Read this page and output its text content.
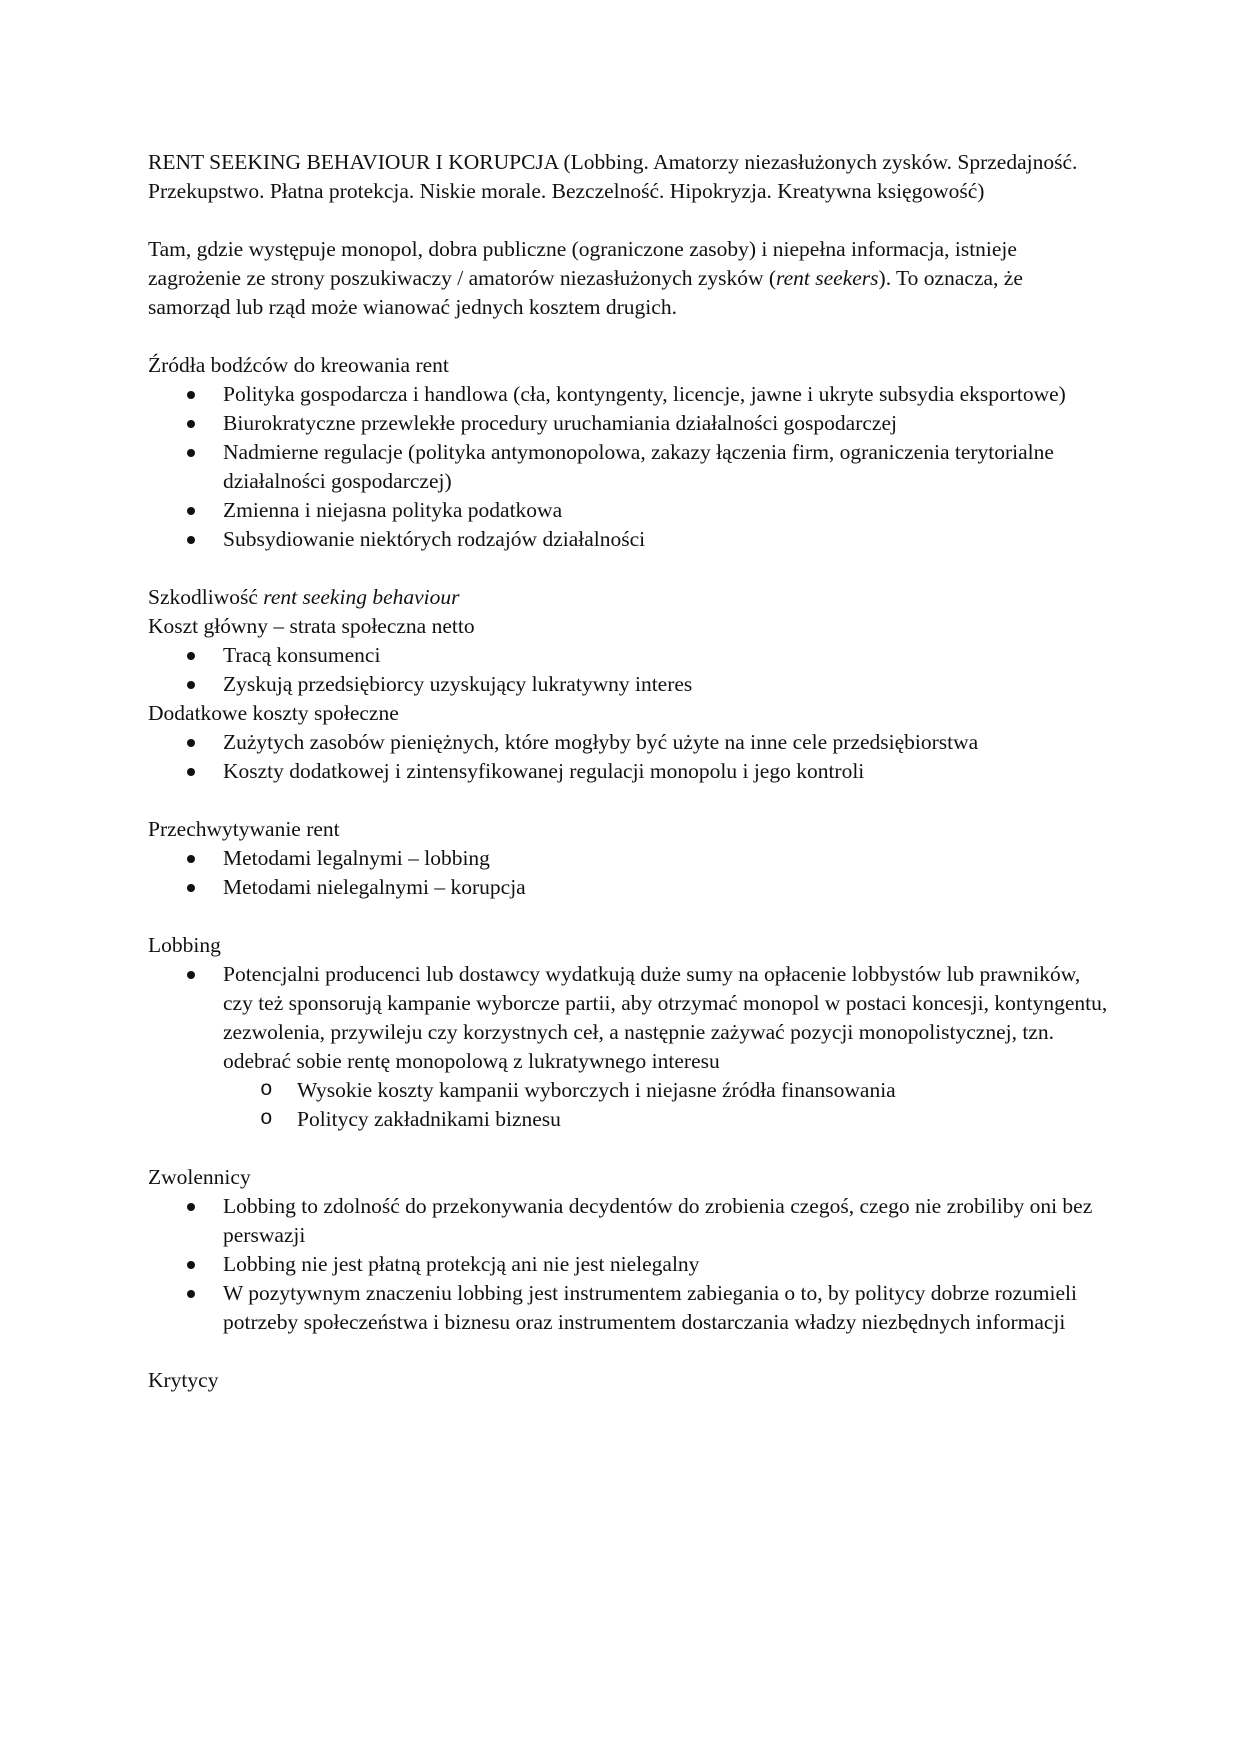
RENT SEEKING BEHAVIOUR I KORUPCJA (Lobbing. Amatorzy niezasłużonych zysków. Sprzedajność. Przekupstwo. Płatna protekcja. Niskie morale. Bezczelność. Hipokryzja. Kreatywna księgowość)

Tam, gdzie występuje monopol, dobra publiczne (ograniczone zasoby) i niepełna informacja, istnieje zagrożenie ze strony poszukiwaczy / amatorów niezasłużonych zysków (rent seekers). To oznacza, że samorząd lub rząd może wianować jednych kosztem drugich.

Źródła bodźców do kreowania rent

Polityka gospodarcza i handlowa (cła, kontyngenty, licencje, jawne i ukryte subsydia eksportowe)
Biurokratyczne przewlekłe procedury uruchamiania działalności gospodarczej
Nadmierne regulacje (polityka antymonopolowa, zakazy łączenia firm, ograniczenia terytorialne działalności gospodarczej)
Zmienna i niejasna polityka podatkowa
Subsydiowanie niektórych rodzajów działalności

Szkodliwość rent seeking behaviour

Koszt główny – strata społeczna netto

Tracą konsumenci
Zyskują przedsiębiorcy uzyskujący lukratywny interes

Dodatkowe koszty społeczne

Zużytych zasobów pieniężnych, które mogłyby być użyte na inne cele przedsiębiorstwa
Koszty dodatkowej i zintensyfikowanej regulacji monopolu i jego kontroli

Przechwytywanie rent

Metodami legalnymi – lobbing
Metodami nielegalnymi – korupcja

Lobbing

Potencjalni producenci lub dostawcy wydatkują duże sumy na opłacenie lobbystów lub prawników, czy też sponsorują kampanie wyborcze partii, aby otrzymać monopol w postaci koncesji, kontyngentu, zezwolenia, przywileju czy korzystnych ceł, a następnie zażywać pozycji monopolistycznej, tzn. odebrać sobie rentę monopolową z lukratywnego interesu
o Wysokie koszty kampanii wyborczych i niejasne źródła finansowania
o Politycy zakładnikami biznesu

Zwolennicy

Lobbing to zdolność do przekonywania decydentów do zrobienia czegoś, czego nie zrobiliby oni bez perswazji
Lobbing nie jest płatną protekcją ani nie jest nielegalny
W pozytywnym znaczeniu lobbing jest instrumentem zabiegania o to, by politycy dobrze rozumieli potrzeby społeczeństwa i biznesu oraz instrumentem dostarczania władzy niezbędnych informacji

Krytycy
